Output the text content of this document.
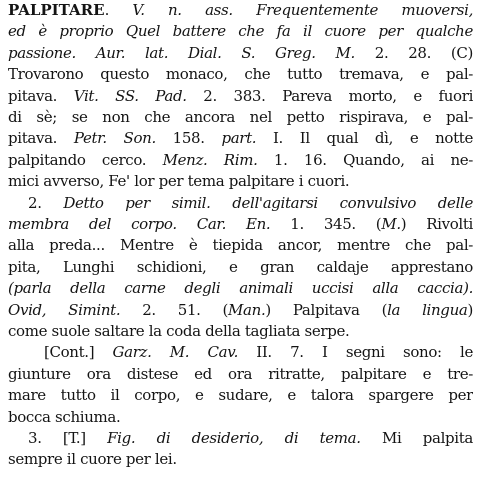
PALPITARE. V. n. ass. Frequentemente muoversi,
ed è proprio Quel battere che fa il cuore per qualche
passione. Aur. lat. Dial. S. Greg. M. 2. 28. (C)
Trovarono questo monaco, che tutto tremava, e pal-
pitava. Vit. SS. Pad. 2. 383. Pareva morto, e fuori
di sè; se non che ancora nel petto rispirava, e pal-
pitava. Petr. Son. 158. part. I. Il qual dì, e notte
palpitando cerco. Menz. Rim. 1. 16. Quando, ai ne-
mici avverso, Fe' lor per tema palpitare i cuori.
2. Detto per simil. dell'agitarsi convulsivo delle
membra del corpo. Car. En. 1. 345. (M.) Rivolti
alla preda... Mentre è tiepida ancor, mentre che pal-
pita, Lunghi schidioni, e gran caldaje apprestano
(parla della carne degli animali uccisi alla caccia).
Ovid, Simint. 2. 51. (Man.) Palpitava (la lingua)
come suole saltare la coda della tagliata serpe.
[Cont.] Garz. M. Cav. II. 7. I segni sono: le
giunture ora distese ed ora ritratte, palpitare e tre-
mare tutto il corpo, e sudare, e talora spargere per
bocca schiuma.
3. [T.] Fig. di desiderio, di tema. Mi palpita
sempre il cuore per lei.
